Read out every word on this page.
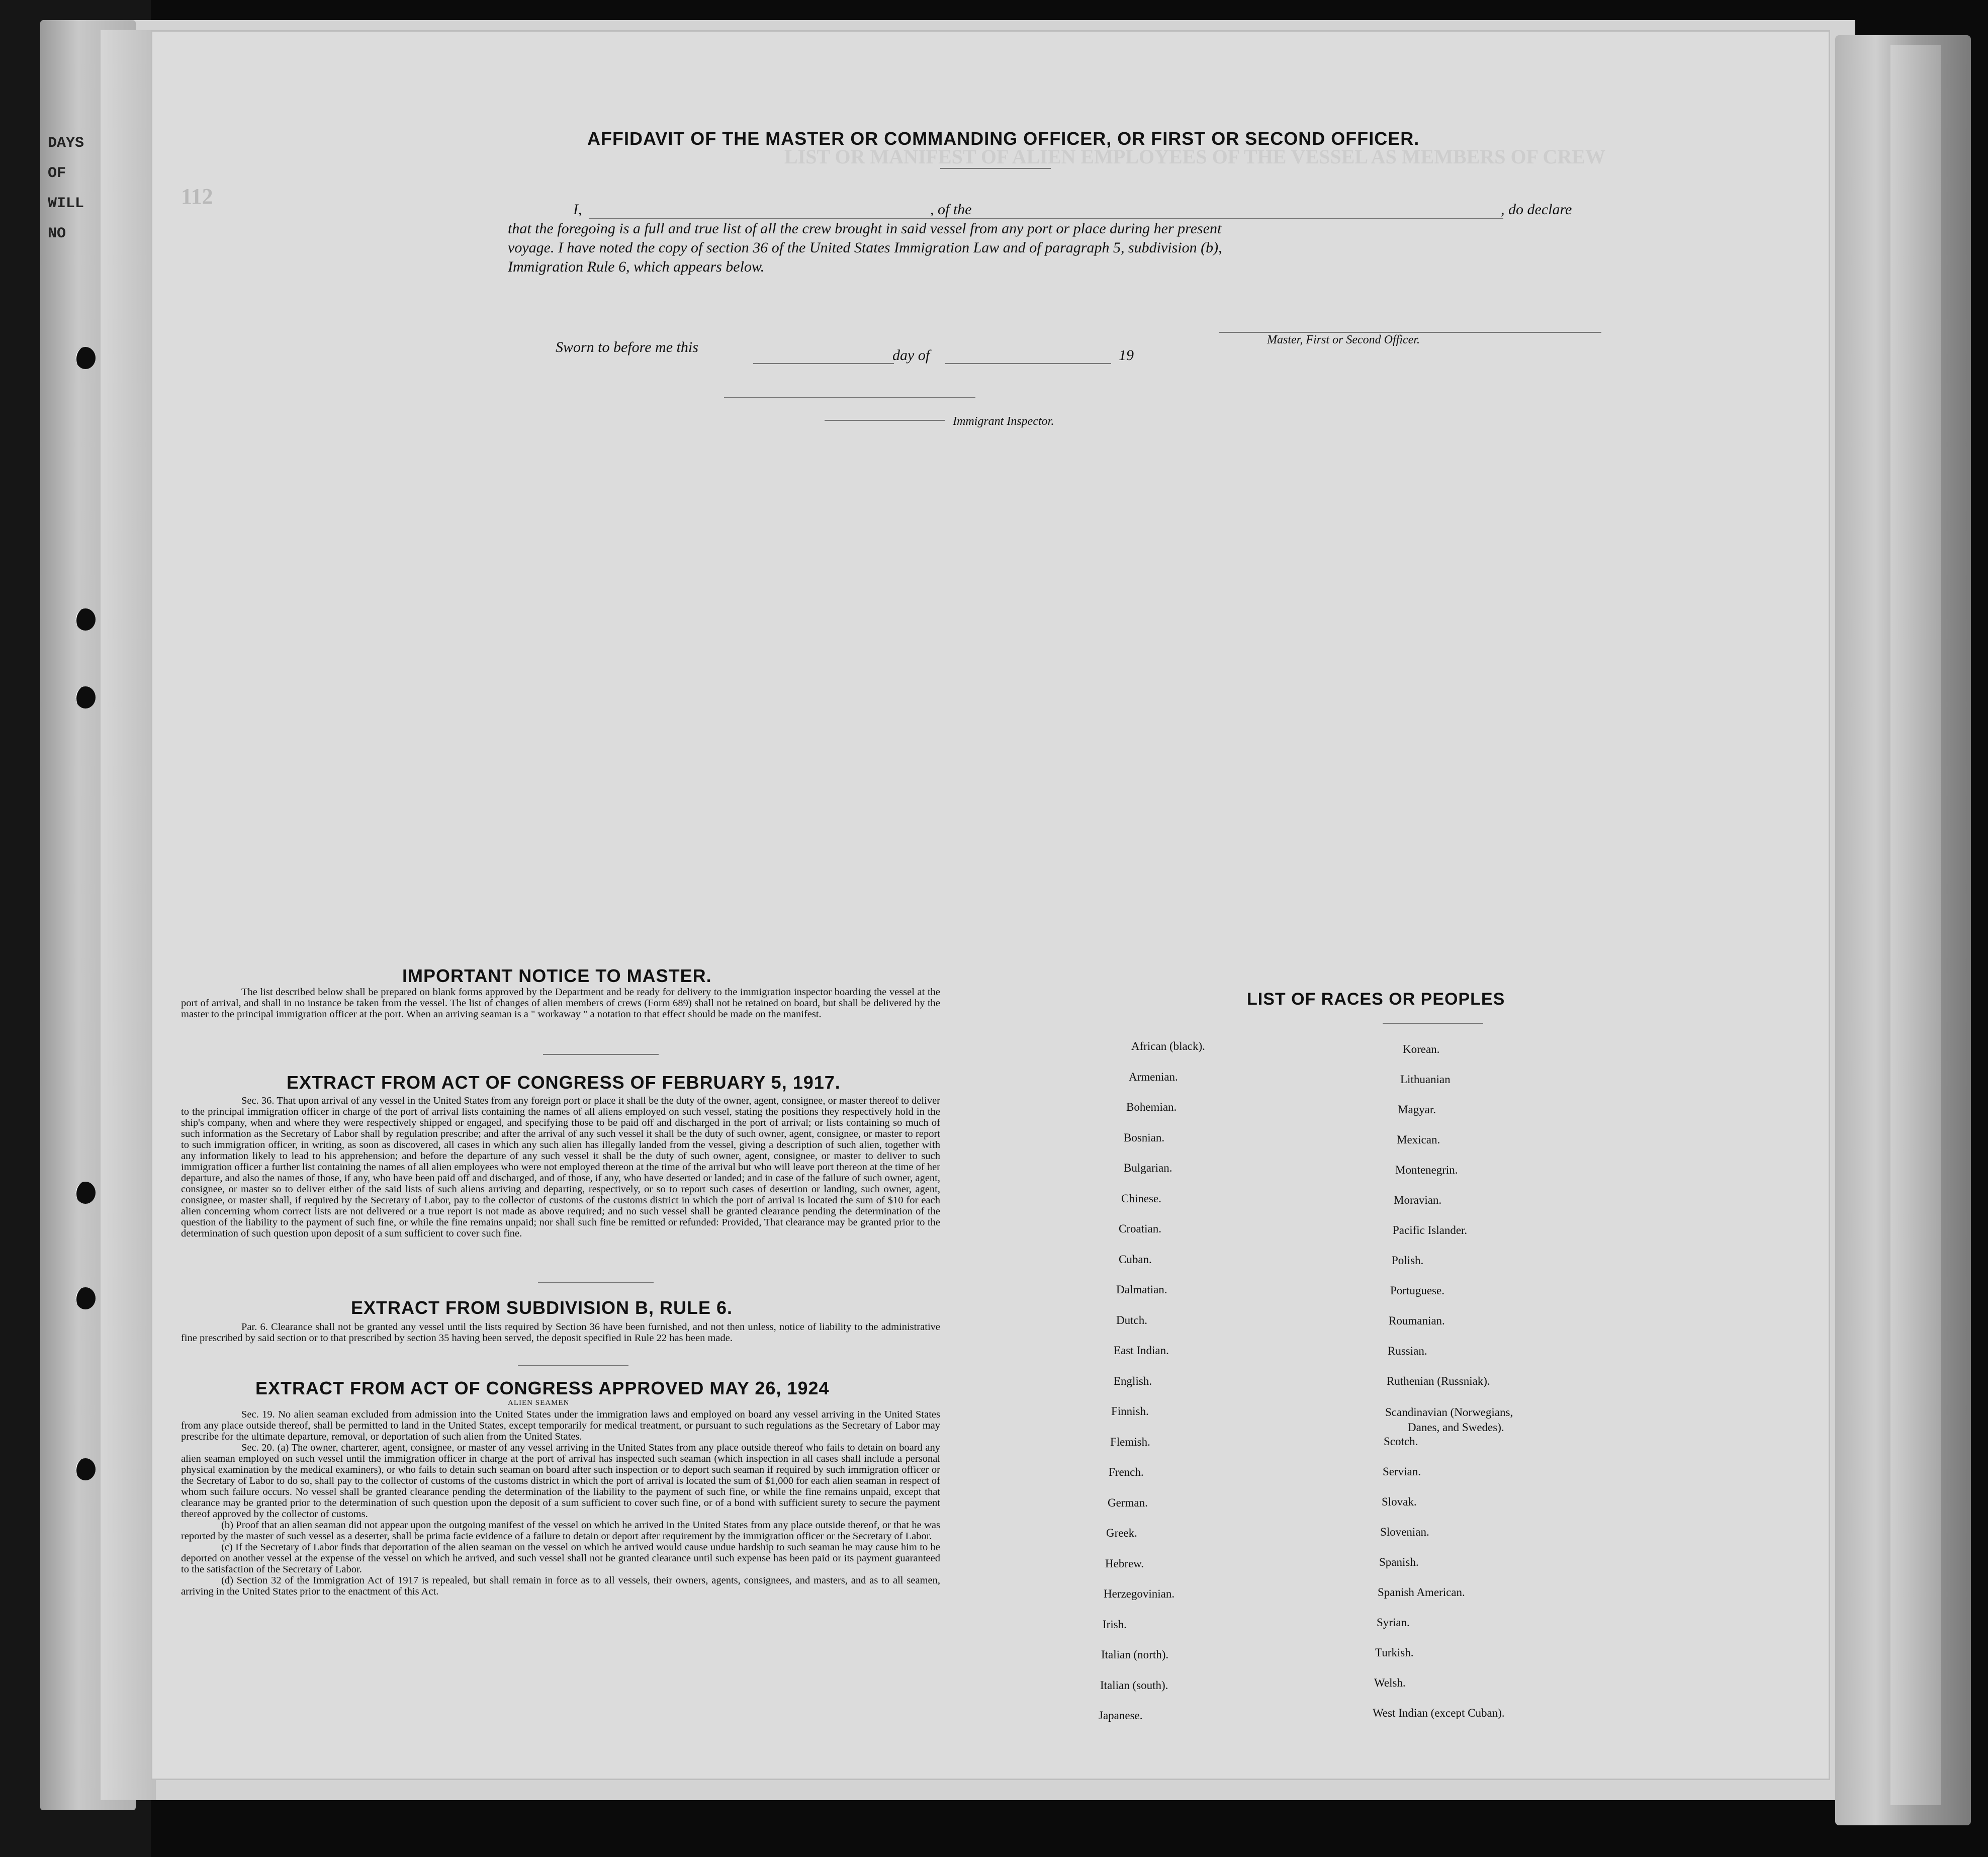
DAYS OF
WILL NO
112
LIST OR MANIFEST OF ALIEN EMPLOYEES OF THE VESSEL AS MEMBERS OF CREW
AFFIDAVIT OF THE MASTER OR COMMANDING OFFICER, OR FIRST OR SECOND OFFICER.
I,	, of the	, do declare
that the foregoing is a full and true list of all the crew brought in said vessel from any port or place during her present
voyage. I have noted the copy of section 36 of the United States Immigration Law and of paragraph 5, subdivision (b),
Immigration Rule 6, which appears below.
Master, First or Second Officer.
Sworn to before me this	day of	19
Immigrant Inspector.
IMPORTANT NOTICE TO MASTER.
The list described below shall be prepared on blank forms approved by the Department and be ready for delivery to the immigration inspector boarding the vessel at the port of arrival, and shall in no instance be taken from the vessel. The list of changes of alien members of crews (Form 689) shall not be retained on board, but shall be delivered by the master to the principal immigration officer at the port. When an arriving seaman is a " workaway " a notation to that effect should be made on the manifest.
EXTRACT FROM ACT OF CONGRESS OF FEBRUARY 5, 1917.
Sec. 36. That upon arrival of any vessel in the United States from any foreign port or place it shall be the duty of the owner, agent, consignee, or master thereof to deliver to the principal immigration officer in charge of the port of arrival lists containing the names of all aliens employed on such vessel, stating the positions they respectively hold in the ship's company, when and where they were respectively shipped or engaged, and specifying those to be paid off and discharged in the port of arrival; or lists containing so much of such information as the Secretary of Labor shall by regulation prescribe; and after the arrival of any such vessel it shall be the duty of such owner, agent, consignee, or master to report to such immigration officer, in writing, as soon as discovered, all cases in which any such alien has illegally landed from the vessel, giving a description of such alien, together with any information likely to lead to his apprehension; and before the departure of any such vessel it shall be the duty of such owner, agent, consignee, or master to deliver to such immigration officer a further list containing the names of all alien employees who were not employed thereon at the time of the arrival but who will leave port thereon at the time of her departure, and also the names of those, if any, who have been paid off and discharged, and of those, if any, who have deserted or landed; and in case of the failure of such owner, agent, consignee, or master so to deliver either of the said lists of such aliens arriving and departing, respectively, or so to report such cases of desertion or landing, such owner, agent, consignee, or master shall, if required by the Secretary of Labor, pay to the collector of customs of the customs district in which the port of arrival is located the sum of $10 for each alien concerning whom correct lists are not delivered or a true report is not made as above required; and no such vessel shall be granted clearance pending the determination of the question of the liability to the payment of such fine, or while the fine remains unpaid; nor shall such fine be remitted or refunded: Provided, That clearance may be granted prior to the determination of such question upon deposit of a sum sufficient to cover such fine.
EXTRACT FROM SUBDIVISION B, RULE 6.
Par. 6. Clearance shall not be granted any vessel until the lists required by Section 36 have been furnished, and not then unless, notice of liability to the administrative fine prescribed by said section or to that prescribed by section 35 having been served, the deposit specified in Rule 22 has been made.
EXTRACT FROM ACT OF CONGRESS APPROVED MAY 26, 1924
ALIEN SEAMEN
Sec. 19. No alien seaman excluded from admission into the United States under the immigration laws and employed on board any vessel arriving in the United States from any place outside thereof, shall be permitted to land in the United States, except temporarily for medical treatment, or pursuant to such regulations as the Secretary of Labor may prescribe for the ultimate departure, removal, or deportation of such alien from the United States.
Sec. 20. (a) The owner, charterer, agent, consignee, or master of any vessel arriving in the United States from any place outside thereof who fails to detain on board any alien seaman employed on such vessel until the immigration officer in charge at the port of arrival has inspected such seaman (which inspection in all cases shall include a personal physical examination by the medical examiners), or who fails to detain such seaman on board after such inspection or to deport such seaman if required by such immigration officer or the Secretary of Labor to do so, shall pay to the collector of customs of the customs district in which the port of arrival is located the sum of $1,000 for each alien seaman in respect of whom such failure occurs. No vessel shall be granted clearance pending the determination of the liability to the payment of such fine, or while the fine remains unpaid, except that clearance may be granted prior to the determination of such question upon the deposit of a sum sufficient to cover such fine, or of a bond with sufficient surety to secure the payment thereof approved by the collector of customs.
(b) Proof that an alien seaman did not appear upon the outgoing manifest of the vessel on which he arrived in the United States from any place outside thereof, or that he was reported by the master of such vessel as a deserter, shall be prima facie evidence of a failure to detain or deport after requirement by the immigration officer or the Secretary of Labor.
(c) If the Secretary of Labor finds that deportation of the alien seaman on the vessel on which he arrived would cause undue hardship to such seaman he may cause him to be deported on another vessel at the expense of the vessel on which he arrived, and such vessel shall not be granted clearance until such expense has been paid or its payment guaranteed to the satisfaction of the Secretary of Labor.
(d) Section 32 of the Immigration Act of 1917 is repealed, but shall remain in force as to all vessels, their owners, agents, consignees, and masters, and as to all seamen, arriving in the United States prior to the enactment of this Act.
LIST OF RACES OR PEOPLES
African (black).
Armenian.
Bohemian.
Bosnian.
Bulgarian.
Chinese.
Croatian.
Cuban.
Dalmatian.
Dutch.
East Indian.
English.
Finnish.
Flemish.
French.
German.
Greek.
Hebrew.
Herzegovinian.
Irish.
Italian (north).
Italian (south).
Japanese.
Korean.
Lithuanian
Magyar.
Mexican.
Montenegrin.
Moravian.
Pacific Islander.
Polish.
Portuguese.
Roumanian.
Russian.
Ruthenian (Russniak).
Scandinavian (Norwegians,
Danes, and Swedes).
Scotch.
Servian.
Slovak.
Slovenian.
Spanish.
Spanish American.
Syrian.
Turkish.
Welsh.
West Indian (except Cuban).
